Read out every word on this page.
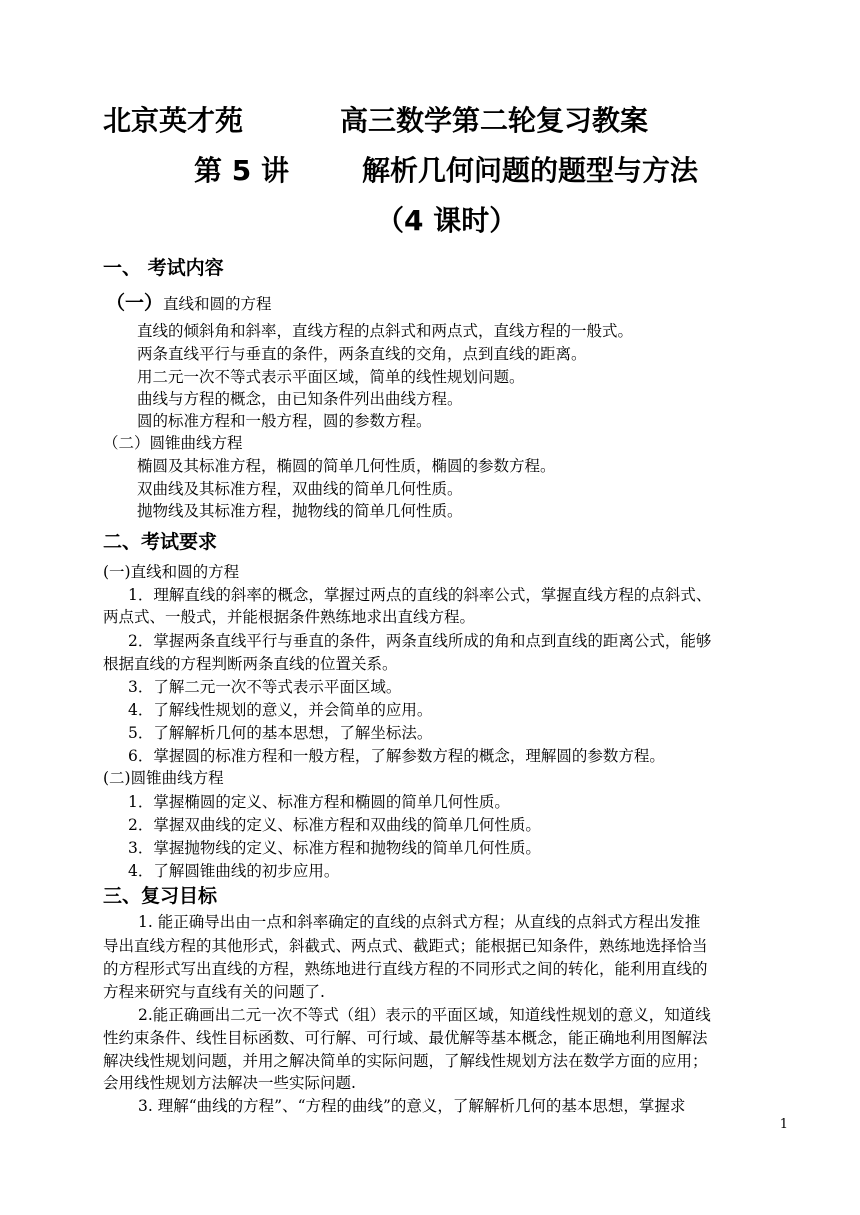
北京英才苑	高三数学第二轮复习教案
第 5 讲	解析几何问题的题型与方法
（4 课时）
一、 考试内容
（一）直线和圆的方程
直线的倾斜角和斜率，直线方程的点斜式和两点式，直线方程的一般式。
两条直线平行与垂直的条件，两条直线的交角，点到直线的距离。
用二元一次不等式表示平面区域，简单的线性规划问题。
曲线与方程的概念，由已知条件列出曲线方程。
圆的标准方程和一般方程，圆的参数方程。
（二）圆锥曲线方程
椭圆及其标准方程，椭圆的简单几何性质，椭圆的参数方程。
双曲线及其标准方程，双曲线的简单几何性质。
抛物线及其标准方程，抛物线的简单几何性质。
二、考试要求
(一)直线和圆的方程
1．理解直线的斜率的概念，掌握过两点的直线的斜率公式，掌握直线方程的点斜式、
两点式、一般式，并能根据条件熟练地求出直线方程。
2．掌握两条直线平行与垂直的条件，两条直线所成的角和点到直线的距离公式，能够
根据直线的方程判断两条直线的位置关系。
3．了解二元一次不等式表示平面区域。
4．了解线性规划的意义，并会简单的应用。
5．了解解析几何的基本思想，了解坐标法。
6．掌握圆的标准方程和一般方程，了解参数方程的概念，理解圆的参数方程。
(二)圆锥曲线方程
1．掌握椭圆的定义、标准方程和椭圆的简单几何性质。
2．掌握双曲线的定义、标准方程和双曲线的简单几何性质。
3．掌握抛物线的定义、标准方程和抛物线的简单几何性质。
4．了解圆锥曲线的初步应用。
三、复习目标
1. 能正确导出由一点和斜率确定的直线的点斜式方程；从直线的点斜式方程出发推
导出直线方程的其他形式，斜截式、两点式、截距式；能根据已知条件，熟练地选择恰当
的方程形式写出直线的方程，熟练地进行直线方程的不同形式之间的转化，能利用直线的
方程来研究与直线有关的问题了.
2.能正确画出二元一次不等式（组）表示的平面区域，知道线性规划的意义，知道线
性约束条件、线性目标函数、可行解、可行域、最优解等基本概念，能正确地利用图解法
解决线性规划问题，并用之解决简单的实际问题，了解线性规划方法在数学方面的应用；
会用线性规划方法解决一些实际问题.
3. 理解“曲线的方程”、“方程的曲线”的意义，了解解析几何的基本思想，掌握求
1
